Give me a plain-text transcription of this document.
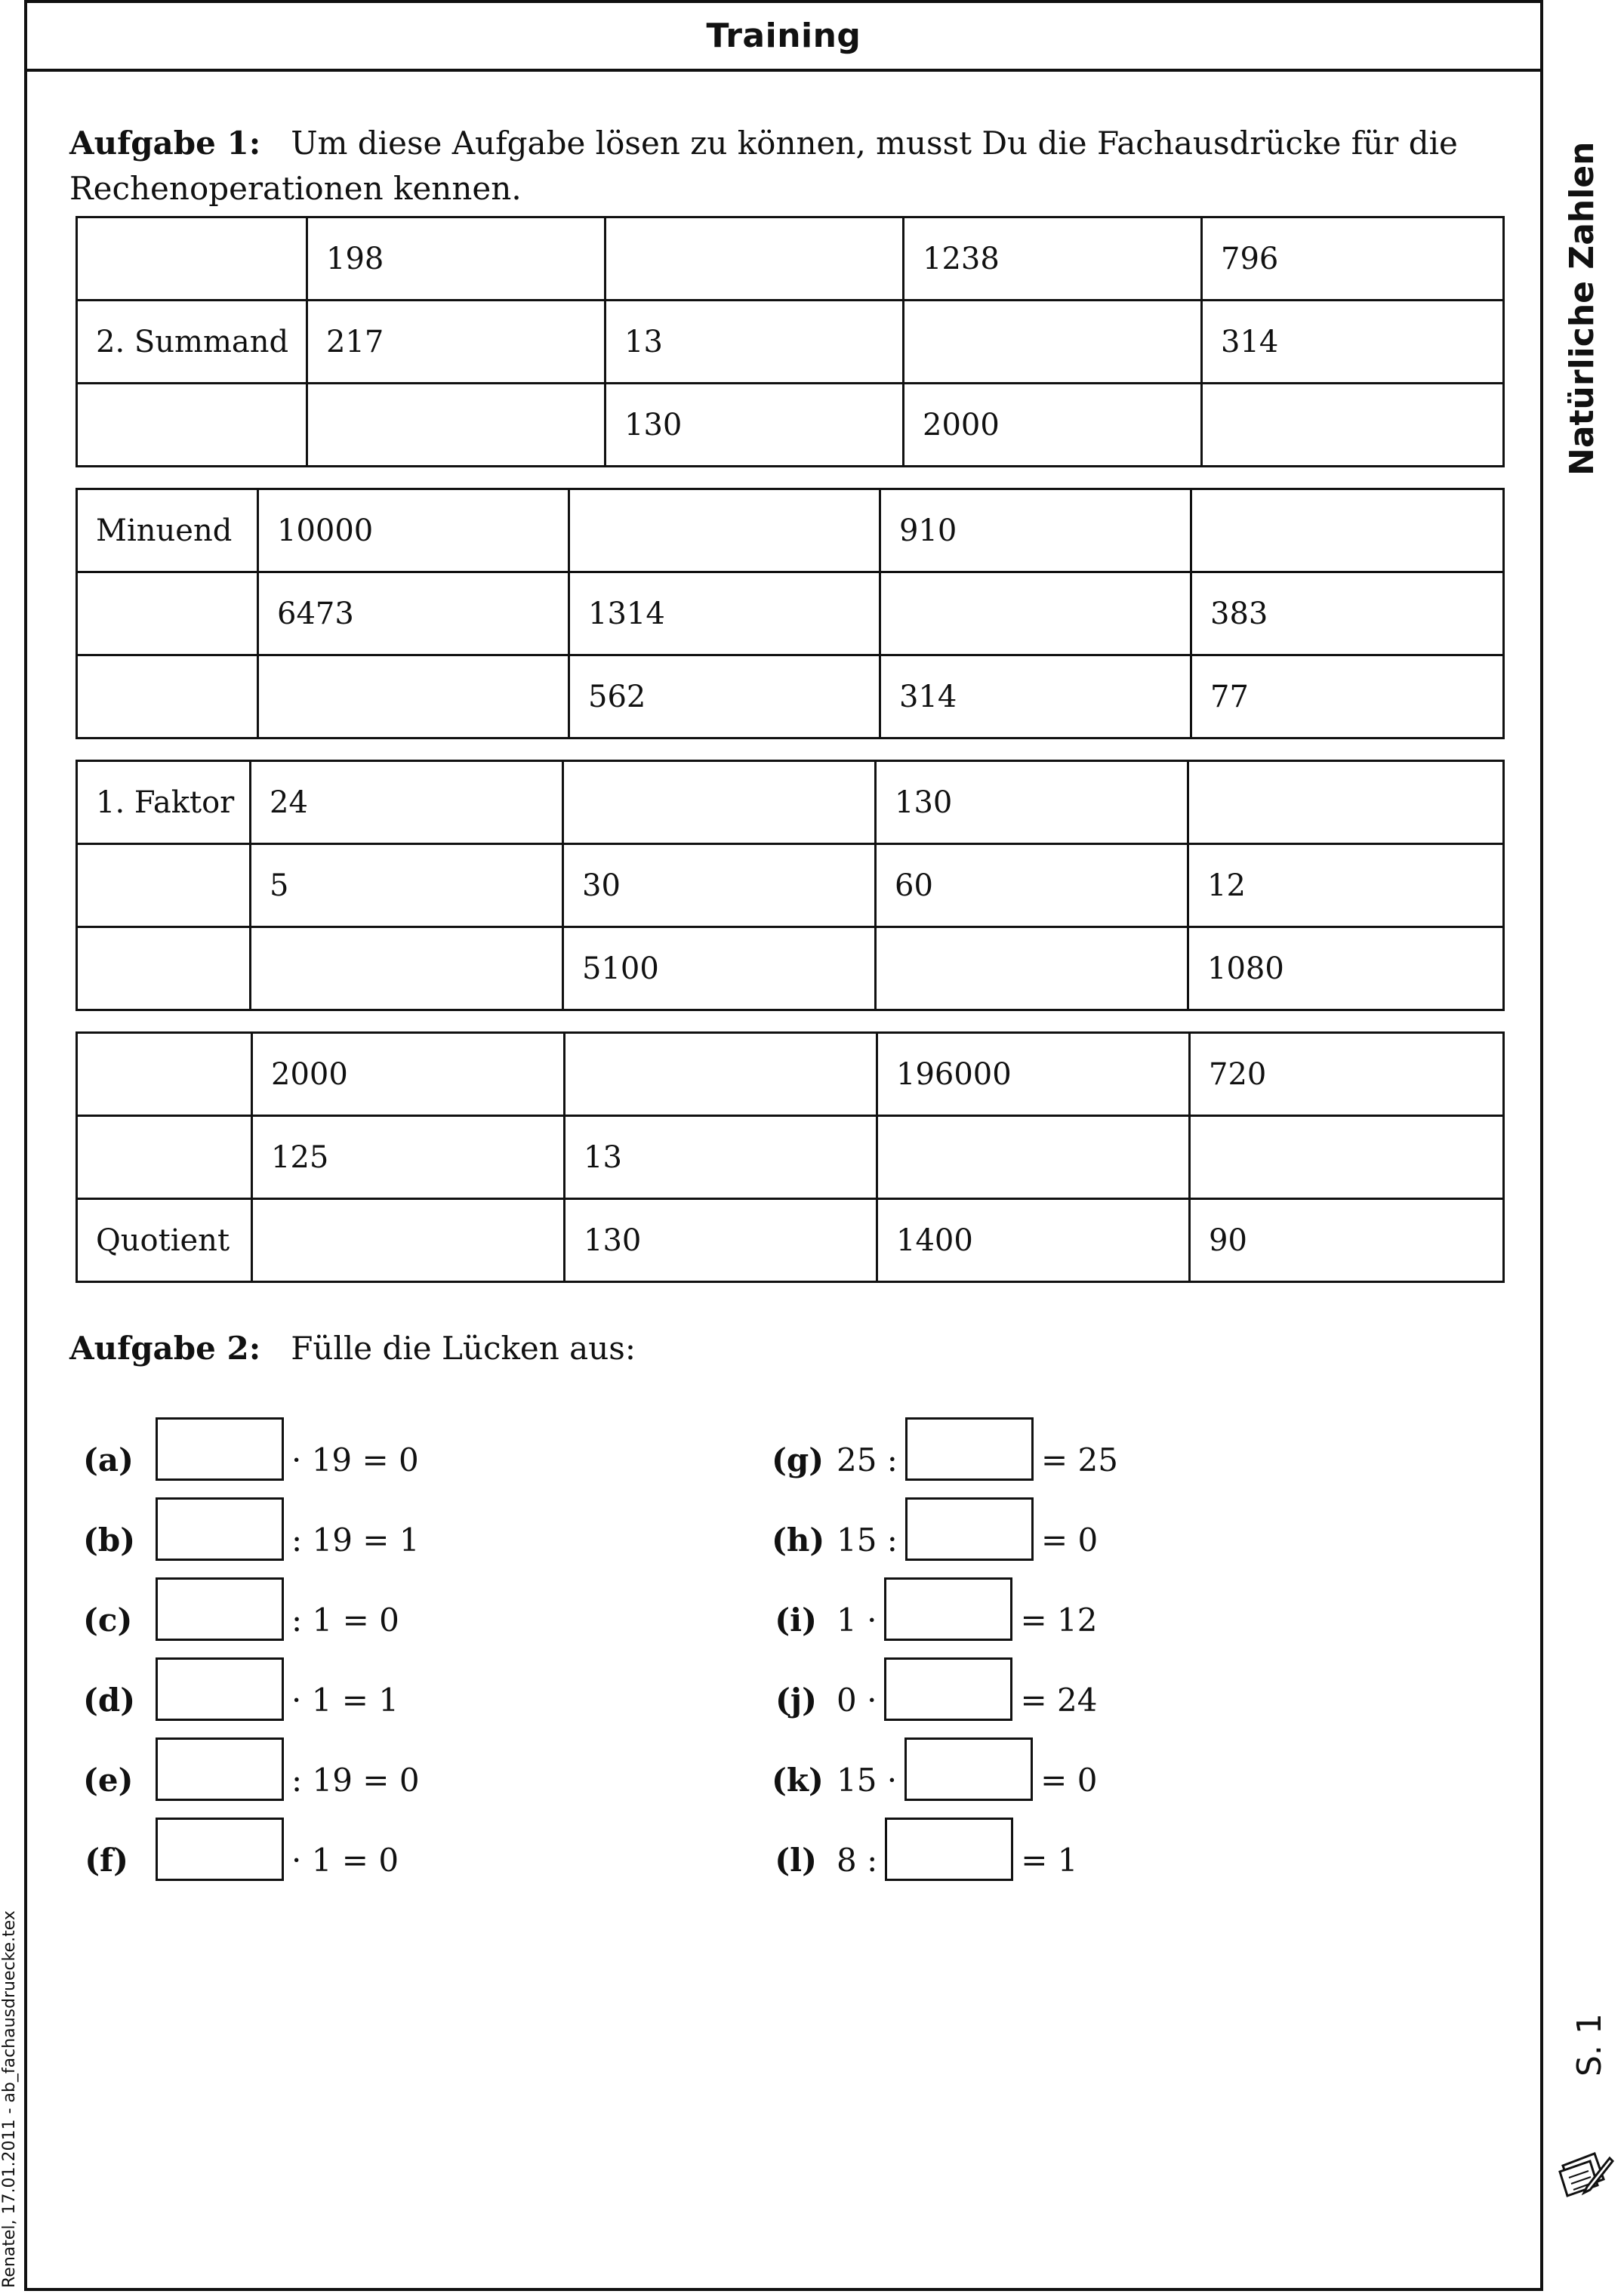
Training
Aufgabe 1: Um diese Aufgabe lösen zu können, musst Du die Fachausdrücke für die Rechenoperationen kennen.
	198		1238	796
2. Summand	217	13		314
		130	2000	
Minuend	10000		910	
	6473	1314		383
		562	314	77
1. Faktor	24		130	
	5	30	60	12
		5100		1080
	2000		196000	720
	125	13		
Quotient		130	1400	90
Aufgabe 2: Fülle die Lücken aus:
(a)	· 19 = 0
(b)	: 19 = 1
(c)	: 1 = 0
(d)	· 1 = 1
(e)	: 19 = 0
(f)	· 1 = 0
(g) 25 :	= 25
(h) 15 :	= 0
(i) 1 ·	= 12
(j) 0 ·	= 24
(k) 15 ·	= 0
(l) 8 :	= 1
Natürliche Zahlen
S. 1
Renatel, 17.01.2011 - ab_fachausdruecke.tex
